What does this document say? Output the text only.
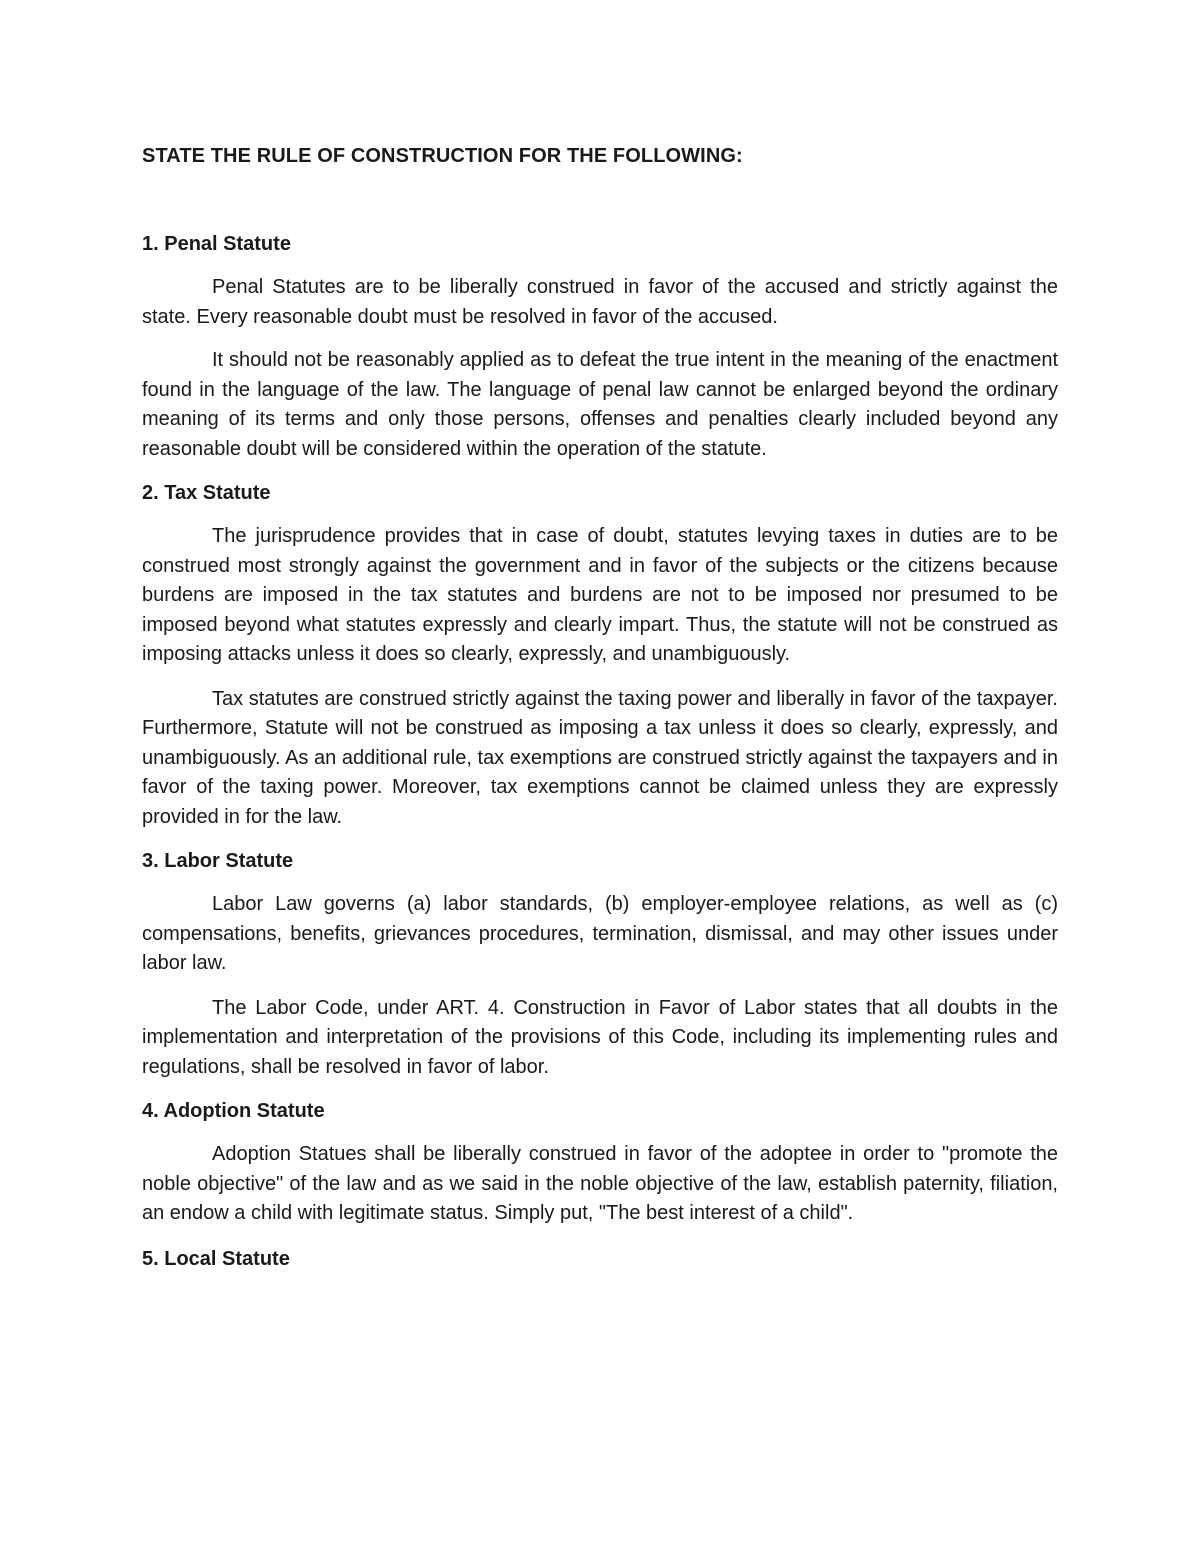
STATE THE RULE OF CONSTRUCTION FOR THE FOLLOWING:
1. Penal Statute

Penal Statutes are to be liberally construed in favor of the accused and strictly against the state. Every reasonable doubt must be resolved in favor of the accused.

It should not be reasonably applied as to defeat the true intent in the meaning of the enactment found in the language of the law. The language of penal law cannot be enlarged beyond the ordinary meaning of its terms and only those persons, offenses and penalties clearly included beyond any reasonable doubt will be considered within the operation of the statute.

2. Tax Statute

The jurisprudence provides that in case of doubt, statutes levying taxes in duties are to be construed most strongly against the government and in favor of the subjects or the citizens because burdens are imposed in the tax statutes and burdens are not to be imposed nor presumed to be imposed beyond what statutes expressly and clearly impart. Thus, the statute will not be construed as imposing attacks unless it does so clearly, expressly, and unambiguously.

Tax statutes are construed strictly against the taxing power and liberally in favor of the taxpayer. Furthermore, Statute will not be construed as imposing a tax unless it does so clearly, expressly, and unambiguously. As an additional rule, tax exemptions are construed strictly against the taxpayers and in favor of the taxing power. Moreover, tax exemptions cannot be claimed unless they are expressly provided in for the law.

3. Labor Statute

Labor Law governs (a) labor standards, (b) employer-employee relations, as well as (c) compensations, benefits, grievances procedures, termination, dismissal, and may other issues under labor law.

The Labor Code, under ART. 4. Construction in Favor of Labor states that all doubts in the implementation and interpretation of the provisions of this Code, including its implementing rules and regulations, shall be resolved in favor of labor.

4. Adoption Statute

Adoption Statues shall be liberally construed in favor of the adoptee in order to "promote the noble objective" of the law and as we said in the noble objective of the law, establish paternity, filiation, an endow a child with legitimate status. Simply put, "The best interest of a child".

5. Local Statute
